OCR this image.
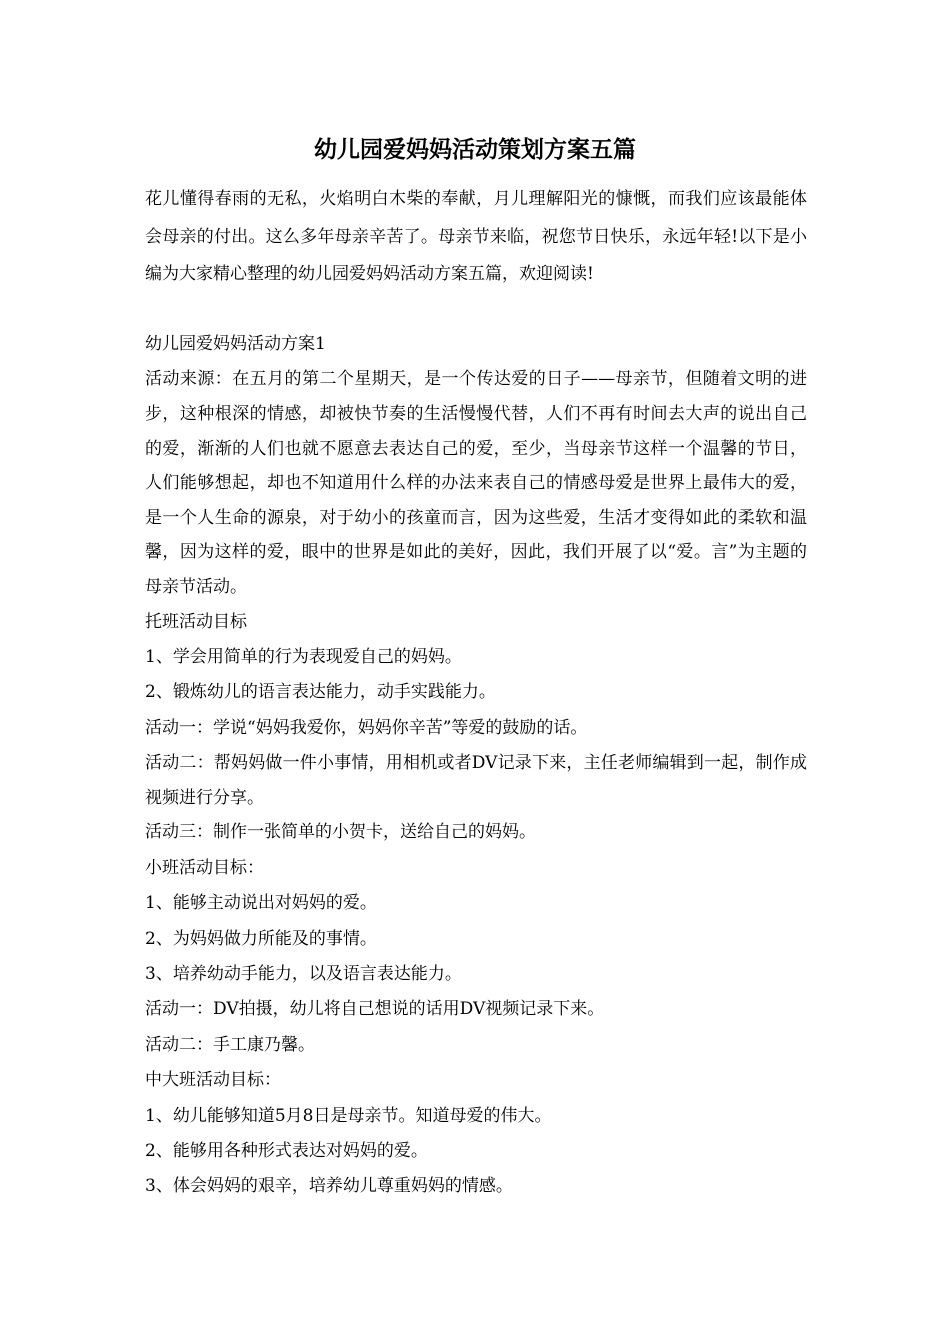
幼儿园爱妈妈活动策划方案五篇

花儿懂得春雨的无私，火焰明白木柴的奉献，月儿理解阳光的慷慨，而我们应该最能体会母亲的付出。这么多年母亲辛苦了。母亲节来临，祝您节日快乐，永远年轻!以下是小编为大家精心整理的幼儿园爱妈妈活动方案五篇，欢迎阅读!

幼儿园爱妈妈活动方案1

活动来源：在五月的第二个星期天，是一个传达爱的日子——母亲节，但随着文明的进步，这种根深的情感，却被快节奏的生活慢慢代替，人们不再有时间去大声的说出自己的爱，渐渐的人们也就不愿意去表达自己的爱，至少，当母亲节这样一个温馨的节日，人们能够想起，却也不知道用什么样的办法来表自己的情感母爱是世界上最伟大的爱，是一个人生命的源泉，对于幼小的孩童而言，因为这些爱，生活才变得如此的柔软和温馨，因为这样的爱，眼中的世界是如此的美好，因此，我们开展了以“爱。言”为主题的母亲节活动。

托班活动目标

1、学会用简单的行为表现爱自己的妈妈。

2、锻炼幼儿的语言表达能力，动手实践能力。

活动一：学说“妈妈我爱你，妈妈你辛苦”等爱的鼓励的话。

活动二：帮妈妈做一件小事情，用相机或者DV记录下来，主任老师编辑到一起，制作成视频进行分享。

活动三：制作一张简单的小贺卡，送给自己的妈妈。

小班活动目标：

1、能够主动说出对妈妈的爱。

2、为妈妈做力所能及的事情。

3、培养幼动手能力，以及语言表达能力。

活动一：DV拍摄，幼儿将自己想说的话用DV视频记录下来。

活动二：手工康乃馨。

中大班活动目标：

1、幼儿能够知道5月8日是母亲节。知道母爱的伟大。

2、能够用各种形式表达对妈妈的爱。

3、体会妈妈的艰辛，培养幼儿尊重妈妈的情感。
